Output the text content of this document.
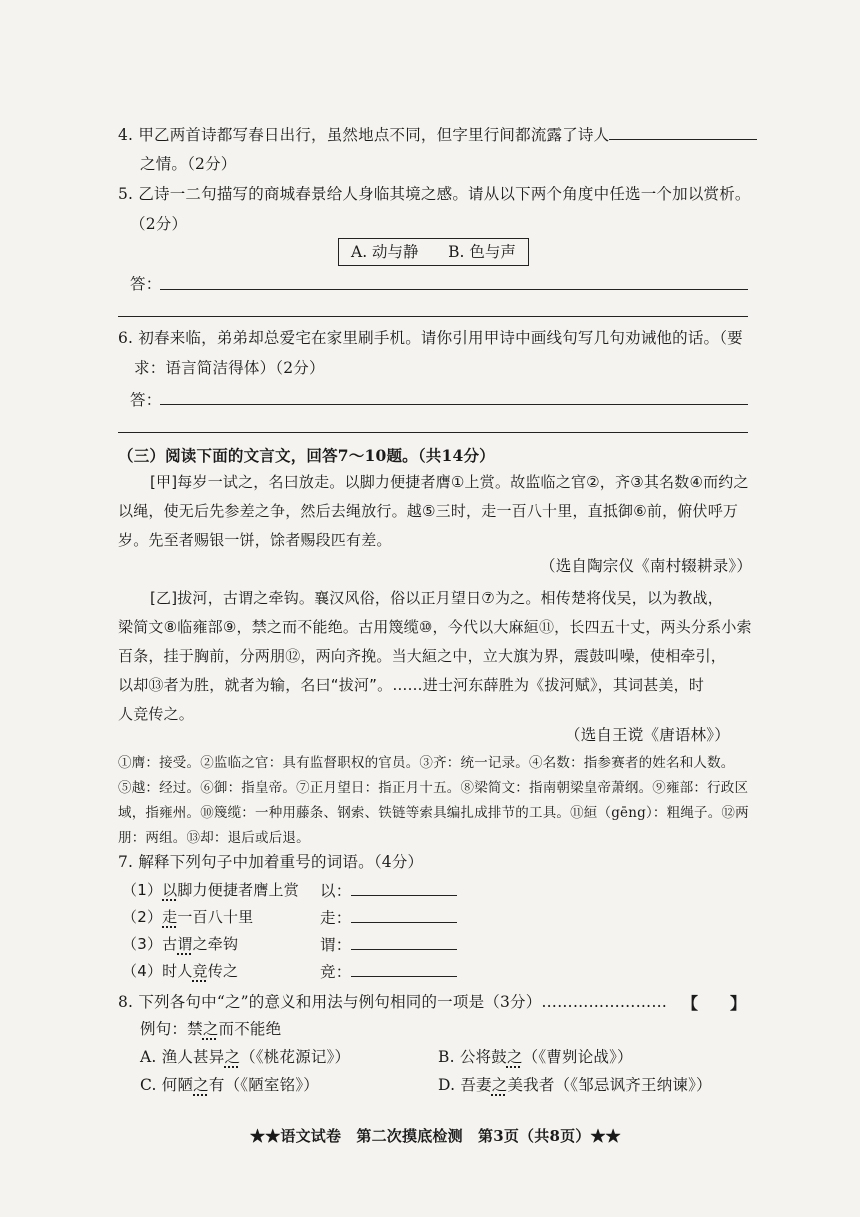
4. 甲乙两首诗都写春日出行，虽然地点不同，但字里行间都流露了诗人
之情。（2分）
5. 乙诗一二句描写的商城春景给人身临其境之感。请从以下两个角度中任选一个加以赏析。
（2分）
A. 动与静 B. 色与声
答：
6. 初春来临，弟弟却总爱宅在家里刷手机。请你引用甲诗中画线句写几句劝诫他的话。（要
求：语言简洁得体）（2分）
答：
（三）阅读下面的文言文，回答7～10题。（共14分）
[甲]每岁一试之，名曰放走。以脚力便捷者膺①上赏。故监临之官②，齐③其名数④而约之
以绳，使无后先参差之争，然后去绳放行。越⑤三时，走一百八十里，直抵御⑥前，俯伏呼万
岁。先至者赐银一饼，馀者赐段匹有差。
（选自陶宗仪《南村辍耕录》）
[乙]拔河，古谓之牵钩。襄汉风俗，俗以正月望日⑦为之。相传楚将伐吴，以为教战，
梁简文⑧临雍部⑨，禁之而不能绝。古用篾缆⑩，今代以大麻絙⑪，长四五十丈，两头分系小索
百条，挂于胸前，分两朋⑫，两向齐挽。当大絙之中，立大旗为界，震鼓叫噪，使相牵引，
以却⑬者为胜，就者为输，名曰“拔河”。……进士河东薛胜为《拔河赋》，其词甚美，时
人竞传之。
（选自王谠《唐语林》）
①膺：接受。②监临之官：具有监督职权的官员。③齐：统一记录。④名数：指参赛者的姓名和人数。
⑤越：经过。⑥御：指皇帝。⑦正月望日：指正月十五。⑧梁简文：指南朝梁皇帝萧纲。⑨雍部：行政区
域，指雍州。⑩篾缆：一种用藤条、钢索、铁链等索具编扎成排节的工具。⑪絙（gēng）：粗绳子。⑫两
朋：两组。⑬却：退后或后退。
7. 解释下列句子中加着重号的词语。（4分）
（1）以脚力便捷者膺上赏 以：
（2）走一百八十里	走：
（3）古谓之牵钩	谓：
（4）时人竞传之	竞：
8. 下列各句中“之”的意义和用法与例句相同的一项是（3分）…………………… 【　　】
例句：禁之而不能绝
A. 渔人甚异之（《桃花源记》）	B. 公将鼓之（《曹刿论战》）
C. 何陋之有（《陋室铭》）	D. 吾妻之美我者（《邹忌讽齐王纳谏》）
★★语文试卷　第二次摸底检测　第3页（共8页）★★
